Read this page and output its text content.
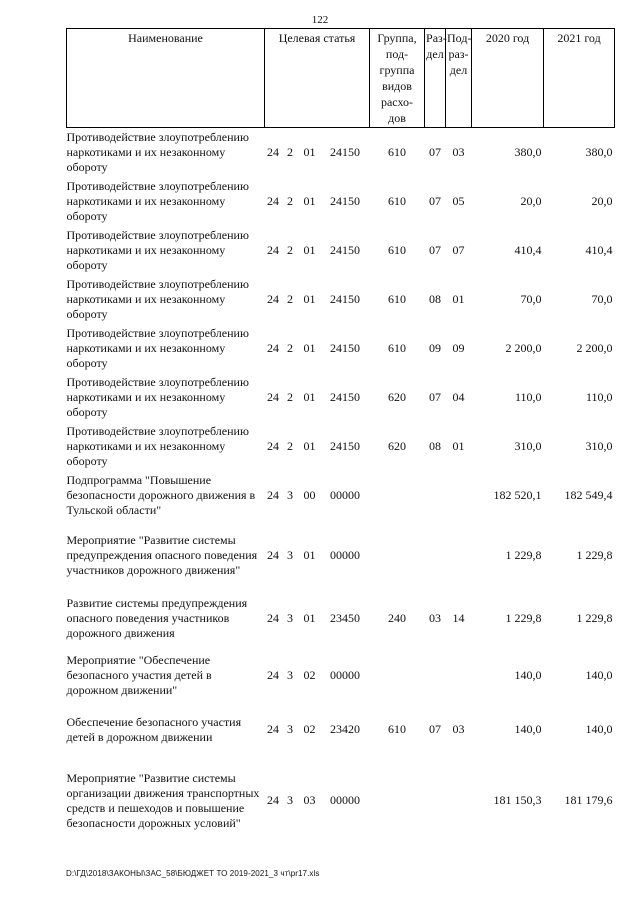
122
Наименование	Целевая статья				Группа, под- группа видов расхо- дов	Раз- дел	Под- раз- дел	2020 год	2021 год
Противодействие злоупотреблению наркотиками и их незаконному обороту	24	2	01	24150	610	07	03	380,0	380,0
Противодействие злоупотреблению наркотиками и их незаконному обороту	24	2	01	24150	610	07	05	20,0	20,0
Противодействие злоупотреблению наркотиками и их незаконному обороту	24	2	01	24150	610	07	07	410,4	410,4
Противодействие злоупотреблению наркотиками и их незаконному обороту	24	2	01	24150	610	08	01	70,0	70,0
Противодействие злоупотреблению наркотиками и их незаконному обороту	24	2	01	24150	610	09	09	2 200,0	2 200,0
Противодействие злоупотреблению наркотиками и их незаконному обороту	24	2	01	24150	620	07	04	110,0	110,0
Противодействие злоупотреблению наркотиками и их незаконному обороту	24	2	01	24150	620	08	01	310,0	310,0
Подпрограмма "Повышение безопасности дорожного движения в Тульской области"	24	3	00	00000				182 520,1	182 549,4
Мероприятие "Развитие системы предупреждения опасного поведения участников дорожного движения"	24	3	01	00000				1 229,8	1 229,8
Развитие системы предупреждения опасного поведения участников дорожного движения	24	3	01	23450	240	03	14	1 229,8	1 229,8
Мероприятие "Обеспечение безопасного участия детей в дорожном движении"	24	3	02	00000				140,0	140,0
Обеспечение безопасного участия детей в дорожном движении	24	3	02	23420	610	07	03	140,0	140,0
Мероприятие "Развитие системы организации движения транспортных средств и пешеходов и повышение безопасности дорожных условий"	24	3	03	00000				181 150,3	181 179,6
D:\ГД\2018\ЗАКОНЫ\ЗАС_58\БЮДЖЕТ ТО 2019-2021_3 чт\pr17.xls
